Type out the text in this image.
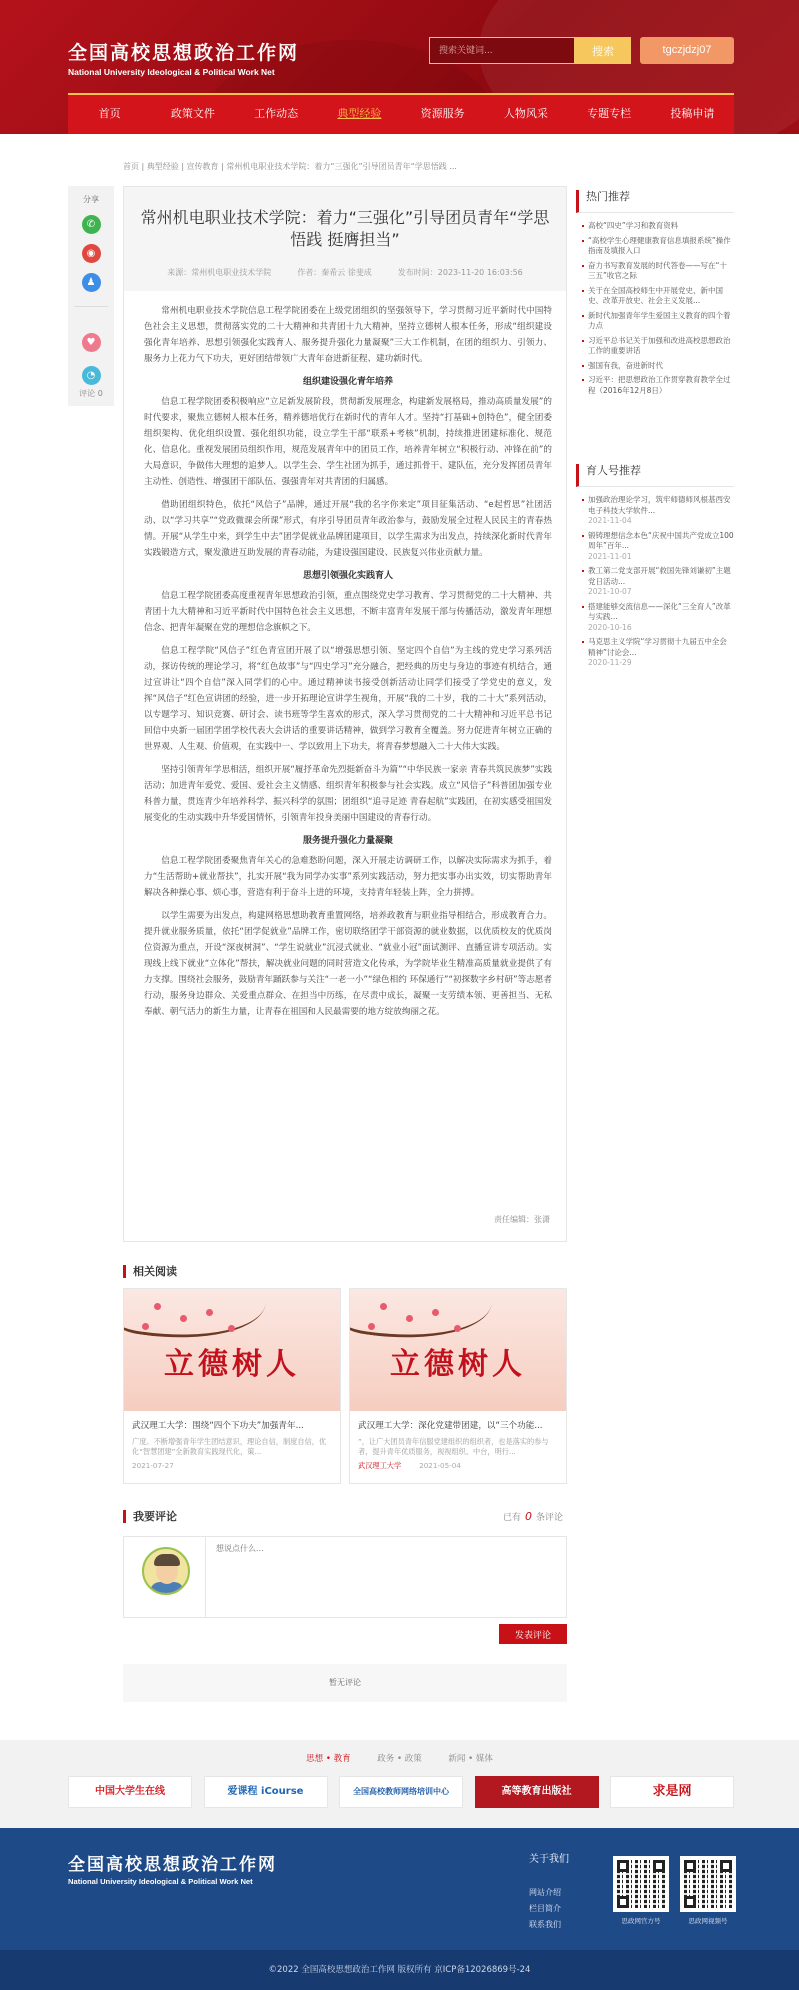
全国高校思想政治工作网
National University Ideological & Political Work Net
搜索关键词...
搜索	tgczjdzj07
首页	政策文件	工作动态	典型经验	资源服务	人物风采	专题专栏	投稿申请
首页 | 典型经验 | 宣传教育 | 常州机电职业技术学院：着力“三强化”引导团员青年“学思悟践 ...
分享
✆
◉
♟
♥
◔
评论 0
常州机电职业技术学院：着力“三强化”引导团员青年“学思悟践 挺膺担当”
来源：常州机电职业技术学院	作者：秦希云 徐斐成	发布时间：2023-11-20 16:03:56

常州机电职业技术学院信息工程学院团委在上级党团组织的坚强领导下，学习贯彻习近平新时代中国特色社会主义思想，贯彻落实党的二十大精神和共青团十九大精神，坚持立德树人根本任务，形成“组织建设强化青年培养、思想引领强化实践育人、服务提升强化力量凝聚”三大工作机制，在团的组织力、引领力、服务力上花力气下功夫，更好团结带领广大青年奋进新征程、建功新时代。

组织建设强化青年培养

信息工程学院团委积极响应“立足新发展阶段，贯彻新发展理念，构建新发展格局，推动高质量发展”的时代要求，聚焦立德树人根本任务，精养德培优行在新时代的青年人才。坚持“打基础+创特色”，健全团委组织架构、优化组织设置、强化组织功能，设立学生干部“联系+考核”机制，持续推进团建标准化、规范化、信息化。重视发展团员组织作用，规范发展青年中的团员工作，培养青年树立“积极行动、冲锋在前”的大局意识，争做伟大理想的追梦人。以学生会、学生社团为抓手，通过抓骨干、建队伍，充分发挥团员青年主动性、创造性、增强团干部队伍、强强青年对共青团的归属感。

借助团组织特色，依托“风信子”品牌，通过开展“我的名字你来定”项目征集活动、“e起哲思”社团活动、以“学习共享”“党政微课会所课”形式，有序引导团员青年政治参与，鼓励发展全过程人民民主的青春热情。开展“从学生中来，到学生中去”团学促就业品牌团建项目，以学生需求为出发点，持续深化新时代青年实践锻造方式，聚发激进互助发展的青春动能，为建设强国建设、民族复兴伟业贡献力量。

思想引领强化实践育人

信息工程学院团委高度重视青年思想政治引领，重点围绕党史学习教育、学习贯彻党的二十大精神、共青团十九大精神和习近平新时代中国特色社会主义思想，不断丰富青年发展干部与传播活动，激发青年理想信念、把青年凝聚在党的理想信念旗帜之下。

信息工程学院“风信子”红色青宣团开展了以“增强思想引领、坚定四个自信”为主线的党史学习系列活动，探访传统的理论学习，将“红色故事”与“四史学习”充分融合，把经典的历史与身边的事迹有机结合，通过宣讲让“四个自信”深入同学们的心中。通过精神读书接受创新活动让同学们接受了学党史的意义，发挥“风信子”红色宣讲团的经验，进一步开拓理论宣讲学生视角，开展“我的二十岁，我的二十大”系列活动，以专题学习、知识竞赛、研讨会、读书班等学生喜欢的形式，深入学习贯彻党的二十大精神和习近平总书记回信中央新一届团学团学校代表大会讲话的重要讲话精神，做到学习教育全覆盖。努力促进青年树立正确的世界观、人生观、价值观，在实践中一、学以致用上下功夫，将青春梦想融入二十大伟大实践。

坚持引领青年学思相活，组织开展“履抒革命先烈挺新奋斗为篇”“中华民族一家亲 青春共筑民族梦”实践活动；加进青年爱党、爱国、爱社会主义情感、组织青年积极参与社会实践。成立“风信子”科普团加强专业科普力量，贯连青少年培养科学、振兴科学的氛围；团组织“追寻足迹 青春起航”实践团，在初实感受祖国发展变化的生动实践中升华爱国情怀，引领青年投身美丽中国建设的青春行动。

服务提升强化力量凝聚

信息工程学院团委聚焦青年关心的急难愁盼问题，深入开展走访调研工作，以解决实际需求为抓手，着力“生活帮助+就业帮扶”，扎实开展“我为同学办实事”系列实践活动，努力把实事办出实效，切实帮助青年解决各种操心事、烦心事，营造有利于奋斗上进的环境，支持青年轻装上阵，全力拼搏。

以学生需要为出发点，构建网格思想助教育重置网络，培养政教育与职业指导相结合，形成教育合力。提升就业服务质量，依托“团学促就业”品牌工作，密切联络团学干部资源的就业数据，以优质校友的优质岗位资源为重点，开设“深夜树洞”、“学生说就业”沉浸式就业、“就业小冠”面试测评、直播宣讲专项活动。实现线上线下就业“立体化”帮扶，解决就业问题的同时营造文化传承，为学院毕业生精准高质量就业提供了有力支撑。围绕社会服务，鼓励青年踊跃参与关注“一老一小”“绿色相约 环保通行”“初探数字乡村研”等志愿者行动，服务身边群众、关爱重点群众、在担当中历练，在尽责中成长，凝聚一支劳绩本领、更善担当、无私奉献、朝气活力的新生力量，让青春在祖国和人民最需要的地方绽放绚丽之花。

责任编辑：张潇
热门推荐
高校“四史”学习和教育资料
“高校学生心理健康教育信息填报系统”操作指南及填报入口
奋力书写教育发展的时代答卷——写在“十三五”收官之际
关于在全国高校师生中开展党史、新中国史、改革开放史、社会主义发展...
新时代加强青年学生爱国主义教育的四个着力点
习近平总书记关于加强和改进高校思想政治工作的重要讲话
强国有我，奋进新时代
习近平：把思想政治工作贯穿教育教学全过程（2016年12月8日）
育人号推荐
加强政治理论学习，筑牢师德师风根基西安电子科技大学软件...
2021-11-04
锻铸理想信念本色“庆祝中国共产党成立100周年”百年...
2021-11-01
教工第二党支部开展“救国先锋刘谦初”主题党日活动...
2021-10-07
搭建能够交流信息——深化“三全育人”改革与实践...
2020-10-16
马克思主义学院“学习贯彻十九届五中全会精神”讨论会...
2020-11-29
相关阅读
立德树人
武汉理工大学：围绕“四个下功夫”加强青年...
广度。不断增强青年学生团结意识，理论自信，制度自信，优化“智慧团建”全新教育实践现代化，策...
2021-07-27
立德树人
武汉理工大学：深化党建带团建，以“三个功能...
”，让广大团员青年信服党建组织的组织者，也是落实的参与者，提升青年优质服务，视视组织、中台，明行...
武汉理工大学	2021-05-04
我要评论	已有 0 条评论
想说点什么...
发表评论
暂无评论
思想 • 教育	政务 • 政策	新闻 • 媒体
中国大学生在线	爱课程 iCourse	全国高校教师网络培训中心	高等教育出版社	求是网
全国高校思想政治工作网
National University Ideological & Political Work Net
关于我们
网站介绍
栏目简介
联系我们	思政网官方号	思政网视频号
©2022 全国高校思想政治工作网 版权所有 京ICP备12026869号-24
